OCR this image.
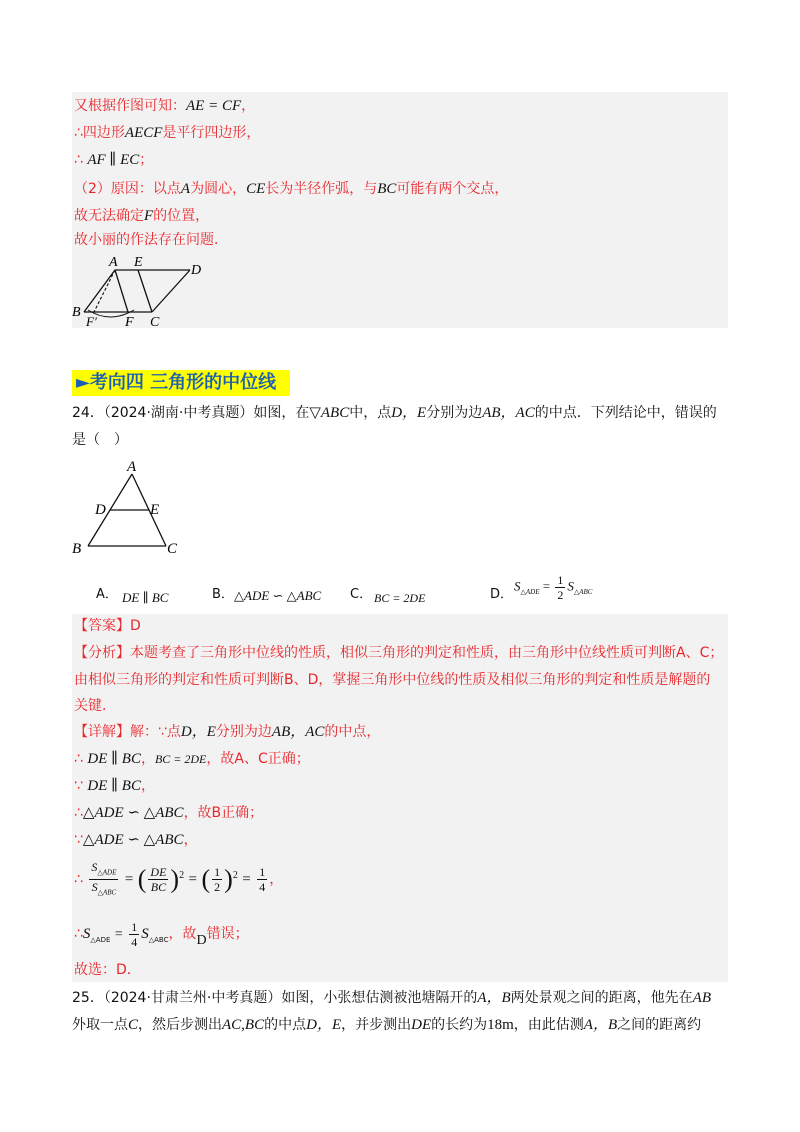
又根据作图可知：AE = CF，
∴四边形AECF是平行四边形，
∴ AF ∥ EC；
（2）原因：以点A为圆心，CE长为半径作弧，与BC可能有两个交点，
故无法确定F的位置，
故小丽的作法存在问题．
A E
D
B
F′ F C
►考向四 三角形的中位线
24．（2024·湖南·中考真题）如图，在▽ABC中，点D，E分别为边AB，AC的中点．下列结论中，错误的
是（　）
A
D	E
B	C
A． DE ∥ BC	B． △ADE ∽ △ABC C． BC = 2DE	D．
$S_{\triangle ADE} = \frac{1}{2} S_{\triangle ABC}$
【答案】D
【分析】本题考查了三角形中位线的性质，相似三角形的判定和性质，由三角形中位线性质可判断A、C；
由相似三角形的判定和性质可判断B、D，掌握三角形中位线的性质及相似三角形的判定和性质是解题的
关键．
【详解】解：∵点D，E分别为边AB，AC的中点，
∴ DE ∥ BC，BC = 2DE，故A、C正确；
∵ DE ∥ BC，
∴△ADE ∽ △ABC，故B正确；
∵△ADE ∽ △ABC，
∴ $\frac{S_{\triangle ADE}}{S_{\triangle ABC}}$ = ( $\frac{DE}{BC} )^2$ = ( $\frac{1}{2} )^2 = \frac{1}{4}$ ，
$\therefore S_{\triangle ADE} = \frac{1}{4} S_{\triangle ABC}$，故D错误；
故选：D．
25．（2024·甘肃兰州·中考真题）如图，小张想估测被池塘隔开的A，B两处景观之间的距离，他先在AB
外取一点C，然后步测出AC,BC的中点D，E，并步测出DE的长约为18m，由此估测A，B之间的距离约
